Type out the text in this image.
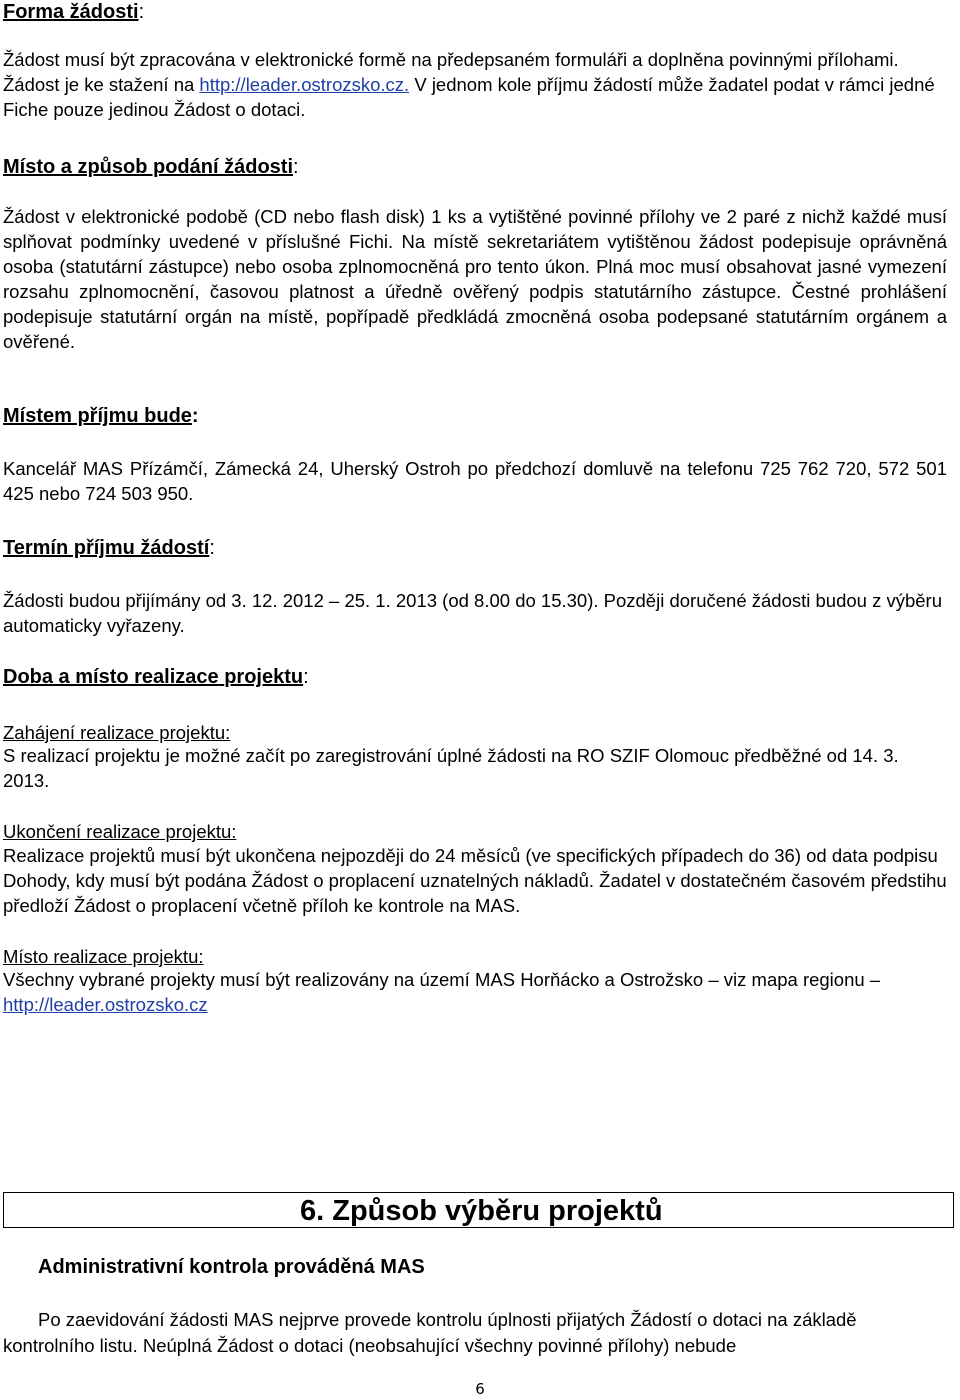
Forma žádosti:

Žádost musí být zpracována v elektronické formě na předepsaném formuláři a doplněna povinnými přílohami. Žádost je ke stažení na http://leader.ostrozsko.cz. V jednom kole příjmu žádostí může žadatel podat v rámci jedné Fiche pouze jedinou Žádost o dotaci.

Místo a způsob podání žádosti:

Žádost v elektronické podobě (CD nebo flash disk) 1 ks a vytištěné povinné přílohy ve 2 paré z nichž každé musí splňovat podmínky uvedené v příslušné Fichi. Na místě sekretariátem vytištěnou žádost podepisuje oprávněná osoba (statutární zástupce) nebo osoba zplnomocněná pro tento úkon. Plná moc musí obsahovat jasné vymezení rozsahu zplnomocnění, časovou platnost a úředně ověřený podpis statutárního zástupce. Čestné prohlášení podepisuje statutární orgán na místě, popřípadě předkládá zmocněná osoba podepsané statutárním orgánem a ověřené.

Místem příjmu bude:

Kancelář MAS Přízámčí, Zámecká 24, Uherský Ostroh po předchozí domluvě na telefonu 725 762 720, 572 501 425 nebo 724 503 950.

Termín příjmu žádostí:

Žádosti budou přijímány od 3. 12. 2012 – 25. 1. 2013 (od 8.00 do 15.30). Později doručené žádosti budou z výběru automaticky vyřazeny.

Doba a místo realizace projektu:
Zahájení realizace projektu:

S realizací projektu je možné začít po zaregistrování úplné žádosti na RO SZIF Olomouc předběžné od 14. 3. 2013.

Ukončení realizace projektu:

Realizace projektů musí být ukončena nejpozději do 24 měsíců (ve specifických případech do 36) od data podpisu Dohody, kdy musí být podána Žádost o proplacení uznatelných nákladů. Žadatel v dostatečném časovém předstihu předloží Žádost o proplacení včetně příloh ke kontrole na MAS.

Místo realizace projektu:

Všechny vybrané projekty musí být realizovány na území MAS Horňácko a Ostrožsko – viz mapa regionu – http://leader.ostrozsko.cz

6. Způsob výběru projektů
Administrativní kontrola prováděná MAS

Po zaevidování žádosti MAS nejprve provede kontrolu úplnosti přijatých Žádostí o dotaci na základě kontrolního listu. Neúplná Žádost o dotaci (neobsahující všechny povinné přílohy) nebude

6
